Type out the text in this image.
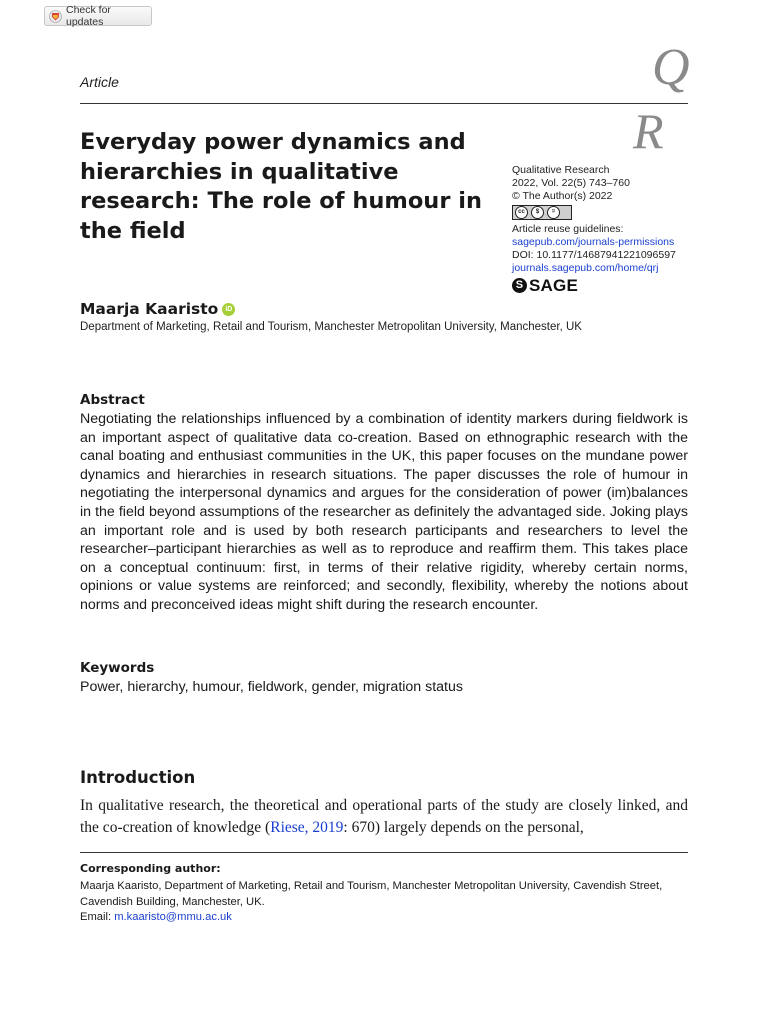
Check for updates
Article	Q
R
Everyday power dynamics and hierarchies in qualitative research: The role of humour in the field
Qualitative Research
2022, Vol. 22(5) 743–760
© The Author(s) 2022
cc	$	=
Article reuse guidelines:
sagepub.com/journals-permissions
DOI: 10.1177/14687941221096597
journals.sagepub.com/home/qrj
S SAGE
Maarja Kaaristo	iD
Department of Marketing, Retail and Tourism, Manchester Metropolitan University, Manchester, UK
Abstract

Negotiating the relationships influenced by a combination of identity markers during fieldwork is an important aspect of qualitative data co-creation. Based on ethnographic research with the canal boating and enthusiast communities in the UK, this paper focuses on the mundane power dynamics and hierarchies in research situations. The paper discusses the role of humour in negotiating the interpersonal dynamics and argues for the consideration of power (im)balances in the field beyond assumptions of the researcher as definitely the advantaged side. Joking plays an important role and is used by both research participants and researchers to level the researcher–participant hierarchies as well as to reproduce and reaffirm them. This takes place on a conceptual continuum: first, in terms of their relative rigidity, whereby certain norms, opinions or value systems are reinforced; and secondly, flexibility, whereby the notions about norms and preconceived ideas might shift during the research encounter.

Keywords
Power, hierarchy, humour, fieldwork, gender, migration status
Introduction

In qualitative research, the theoretical and operational parts of the study are closely linked, and the co-creation of knowledge (Riese, 2019: 670) largely depends on the personal,

Corresponding author:

Maarja Kaaristo, Department of Marketing, Retail and Tourism, Manchester Metropolitan University, Cavendish Street, Cavendish Building, Manchester, UK.
Email: m.kaaristo@mmu.ac.uk
